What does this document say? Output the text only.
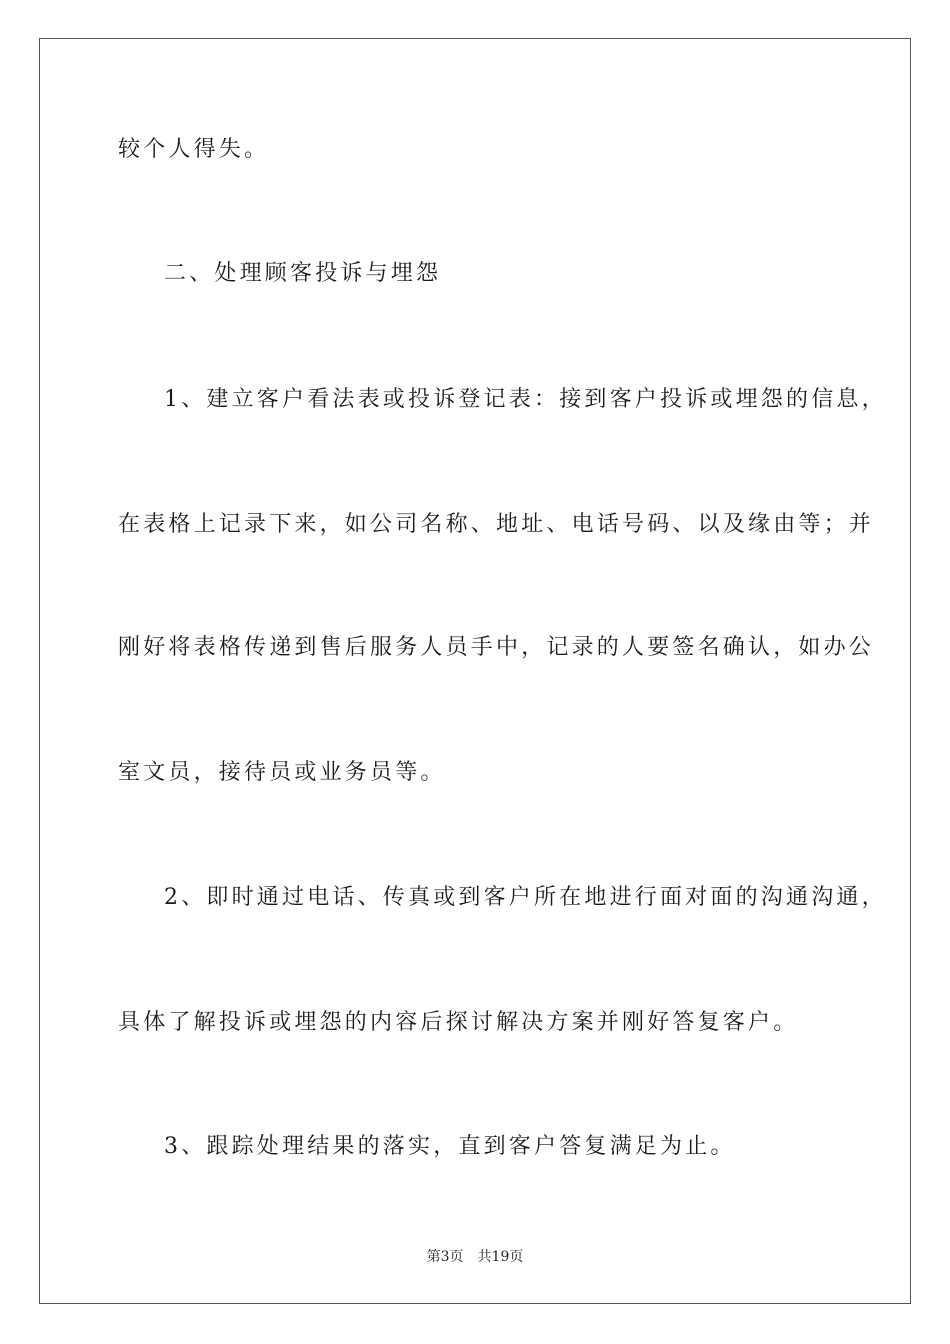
较个人得失。
二、处理顾客投诉与埋怨
1、建立客户看法表或投诉登记表：接到客户投诉或埋怨的信息，
在表格上记录下来，如公司名称、地址、电话号码、以及缘由等；并
刚好将表格传递到售后服务人员手中，记录的人要签名确认，如办公
室文员，接待员或业务员等。
2、即时通过电话、传真或到客户所在地进行面对面的沟通沟通，
具体了解投诉或埋怨的内容后探讨解决方案并刚好答复客户。
3、跟踪处理结果的落实，直到客户答复满足为止。
第3页 共19页
